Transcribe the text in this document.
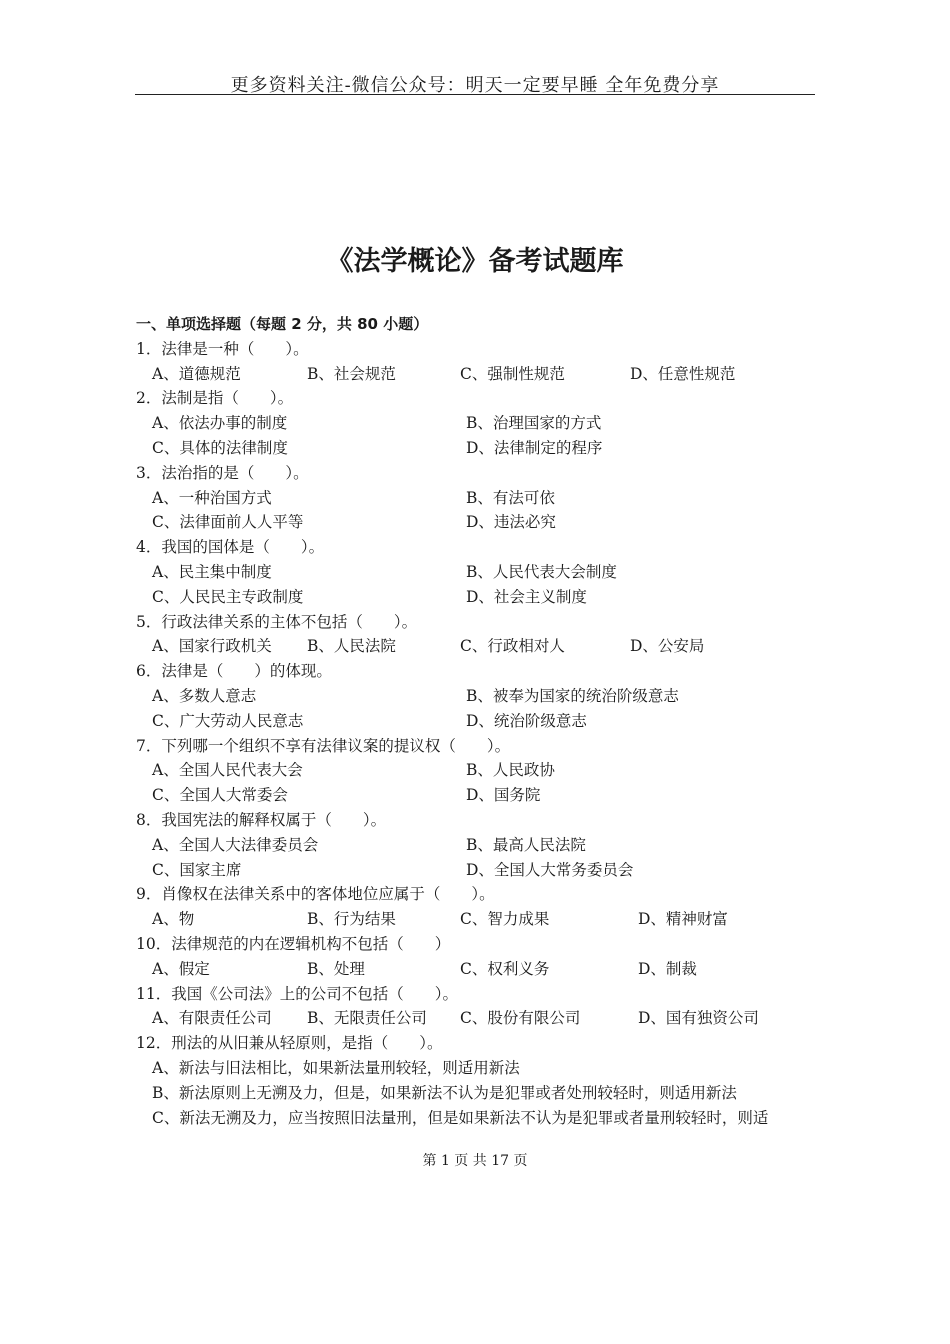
更多资料关注-微信公众号：明天一定要早睡 全年免费分享
《法学概论》备考试题库
一、单项选择题（每题 2 分，共 80 小题）
1．法律是一种（　　）。
A、道德规范	B、社会规范	C、强制性规范	D、任意性规范
2．法制是指（　　）。
A、依法办事的制度	B、治理国家的方式
C、具体的法律制度	D、法律制定的程序
3．法治指的是（　　）。
A、一种治国方式	B、有法可依
C、法律面前人人平等	D、违法必究
4．我国的国体是（　　）。
A、民主集中制度	B、人民代表大会制度
C、人民民主专政制度	D、社会主义制度
5．行政法律关系的主体不包括（　　）。
A、国家行政机关 B、人民法院	C、行政相对人	D、公安局
6．法律是（　　）的体现。
A、多数人意志	B、被奉为国家的统治阶级意志
C、广大劳动人民意志	D、统治阶级意志
7．下列哪一个组织不享有法律议案的提议权（　　）。
A、全国人民代表大会	B、人民政协
C、全国人大常委会	D、国务院
8．我国宪法的解释权属于（　　）。
A、全国人大法律委员会	B、最高人民法院
C、国家主席	D、全国人大常务委员会
9．肖像权在法律关系中的客体地位应属于（　　）。
A、物	B、行为结果	C、智力成果	D、精神财富
10．法律规范的内在逻辑机构不包括（　　）
A、假定	B、处理	C、权利义务	D、制裁
11．我国《公司法》上的公司不包括（　　）。
A、有限责任公司 B、无限责任公司 C、股份有限公司	D、国有独资公司
12．刑法的从旧兼从轻原则，是指（　　）。
A、新法与旧法相比，如果新法量刑较轻，则适用新法
B、新法原则上无溯及力，但是，如果新法不认为是犯罪或者处刑较轻时，则适用新法
C、新法无溯及力，应当按照旧法量刑，但是如果新法不认为是犯罪或者量刑较轻时，则适
第 1 页 共 17 页
